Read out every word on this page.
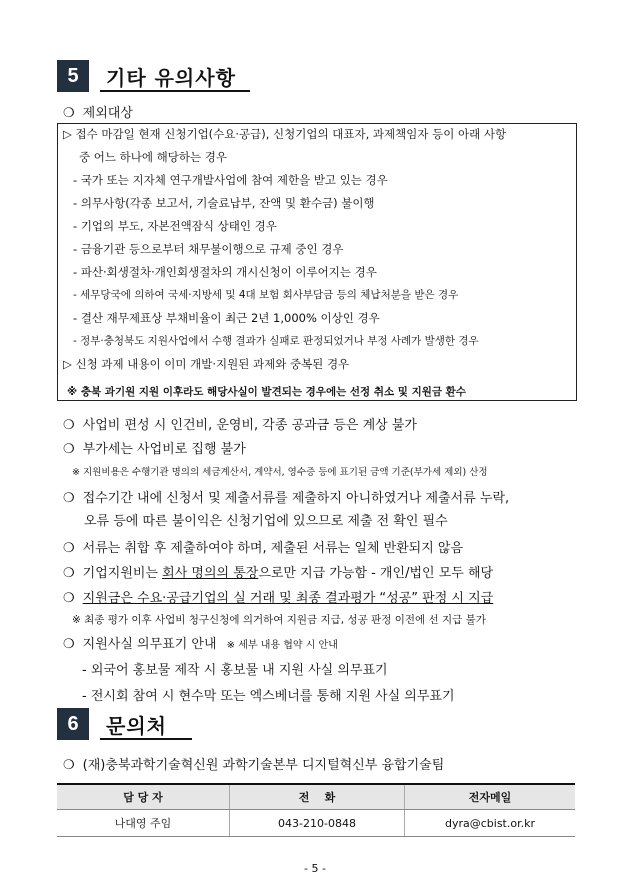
5	기타 유의사항
❍ 제외대상
▷ 접수 마감일 현재 신청기업(수요·공급), 신청기업의 대표자, 과제책임자 등이 아래 사항
중 어느 하나에 해당하는 경우
- 국가 또는 지자체 연구개발사업에 참여 제한을 받고 있는 경우
- 의무사항(각종 보고서, 기술료납부, 잔액 및 환수금) 불이행
- 기업의 부도, 자본전액잠식 상태인 경우
- 금융기관 등으로부터 채무불이행으로 규제 중인 경우
- 파산·회생절차·개인회생절차의 개시신청이 이루어지는 경우
- 세무당국에 의하여 국세·지방세 및 4대 보험 회사부담금 등의 체납처분을 받은 경우
- 결산 재무제표상 부채비율이 최근 2년 1,000% 이상인 경우
- 정부·충청북도 지원사업에서 수행 결과가 실패로 판정되었거나 부정 사례가 발생한 경우
▷ 신청 과제 내용이 이미 개발·지원된 과제와 중복된 경우
※ 충북 과기원 지원 이후라도 해당사실이 발견되는 경우에는 선정 취소 및 지원금 환수
❍ 사업비 편성 시 인건비, 운영비, 각종 공과금 등은 계상 불가
❍ 부가세는 사업비로 집행 불가
※ 지원비용은 수행기관 명의의 세금계산서, 계약서, 영수증 등에 표기된 금액 기준(부가세 제외) 산정
❍ 접수기간 내에 신청서 및 제출서류를 제출하지 아니하였거나 제출서류 누락,
오류 등에 따른 불이익은 신청기업에 있으므로 제출 전 확인 필수
❍ 서류는 취합 후 제출하여야 하며, 제출된 서류는 일체 반환되지 않음
❍ 기업지원비는 회사 명의의 통장으로만 지급 가능함 - 개인/법인 모두 해당
❍ 지원금은 수요·공급기업의 실 거래 및 최종 결과평가 “성공” 판정 시 지급
※ 최종 평가 이후 사업비 청구신청에 의거하여 지원금 지급, 성공 판정 이전에 선 지급 불가
❍ 지원사실 의무표기 안내 ※ 세부 내용 협약 시 안내
- 외국어 홍보물 제작 시 홍보물 내 지원 사실 의무표기
- 전시회 참여 시 현수막 또는 엑스베너를 통해 지원 사실 의무표기
6	문의처
❍ (재)충북과학기술혁신원 과학기술본부 디지털혁신부 융합기술팀
담 당 자	전    화	전자메일
나대영 주임	043-210-0848	dyra@cbist.or.kr
- 5 -
